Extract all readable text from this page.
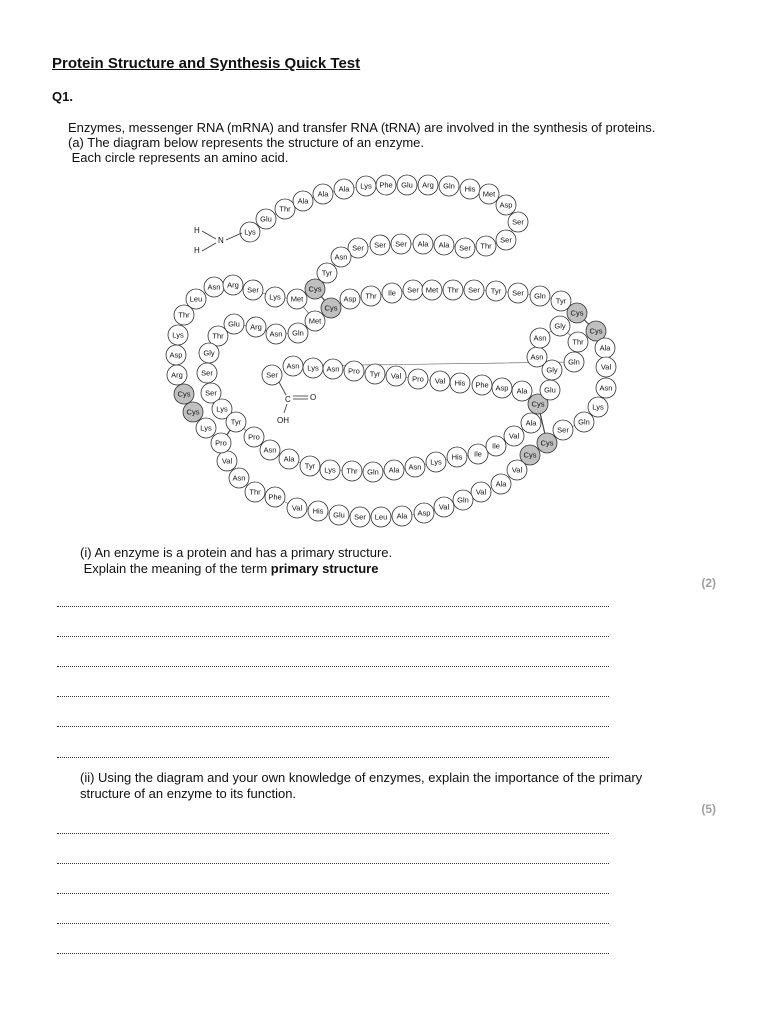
Protein Structure and Synthesis Quick Test
Q1.
Enzymes, messenger RNA (mRNA) and transfer RNA (tRNA) are involved in the synthesis of proteins.
(a) The diagram below represents the structure of an enzyme.
Each circle represents an amino acid.
Lys
Glu
Thr
Ala
Ala
Ala Lys Phe Glu Arg Gln His
Met
Asp
Ser
Ser
Thr
Ser
Ala
Ala
Ser
Ser
Ser
Asn
Tyr
Cys
Cys
Asp Thr Ile Ser Met Thr Ser Tyr Ser Gln
Tyr
Cys
Cys
Ala
Val
Asn
Lys
Gln
Ser
Cys
Cys
Val
Ala
Val
Gln
Val
Asp
Ala
Leu
Ser
Glu
His
Val
Phe
Thr
Asn
Val
Pro
Lys
Cys
Cys
Arg
Asp
Lys
Thr
Leu
Asn Arg
Ser
Lys Met
Met
Gln
Asn
Arg
Glu
Thr
Gly
Ser
Ser
Lys
Tyr
Pro
Asn
Ala
Tyr Lys Thr Gln Ala Asn
Lys
His Ile
Ile
Val
Ala
Cys
Glu
Gly
Asn
Asn
Gly
Thr
Gln
Asn Lys Asn Pro Tyr Val Pro Val His Phe Asp Ala
Ser
H
N
H
C O
OH
(i) An enzyme is a protein and has a primary structure.
Explain the meaning of the term primary structure
(2)
(ii) Using the diagram and your own knowledge of enzymes, explain the importance of the primary
structure of an enzyme to its function.
(5)
